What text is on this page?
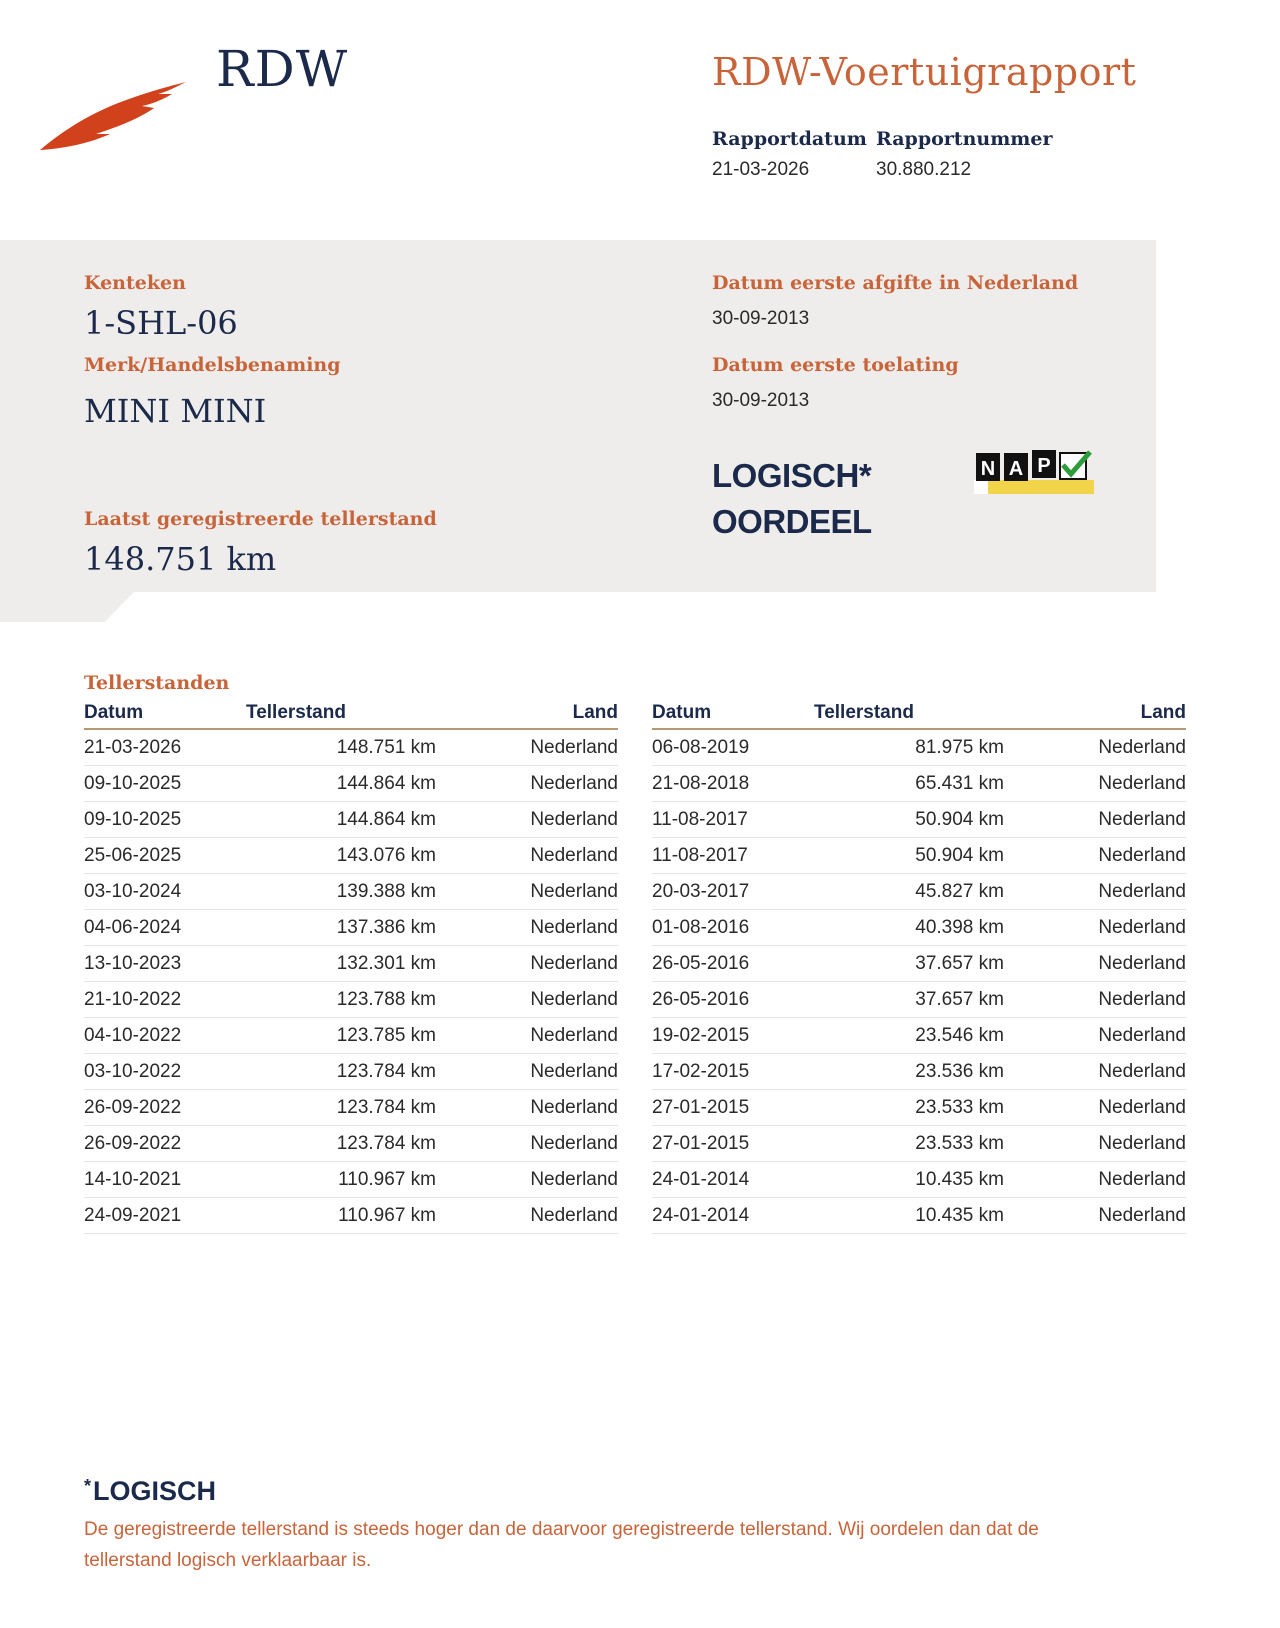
RDW	RDW-Voertuigrapport
Rapportdatum
21-03-2026
Rapportnummer
30.880.212
Kenteken
1-SHL-06
Merk/Handelsbenaming
MINI MINI
Laatst geregistreerde tellerstand
148.751 km
Datum eerste afgifte in Nederland
30-09-2013
Datum eerste toelating
30-09-2013
LOGISCH*
OORDEEL
N A P
Tellerstanden
Datum	Tellerstand	Land
21-03-2026	148.751 km	Nederland
09-10-2025	144.864 km	Nederland
09-10-2025	144.864 km	Nederland
25-06-2025	143.076 km	Nederland
03-10-2024	139.388 km	Nederland
04-06-2024	137.386 km	Nederland
13-10-2023	132.301 km	Nederland
21-10-2022	123.788 km	Nederland
04-10-2022	123.785 km	Nederland
03-10-2022	123.784 km	Nederland
26-09-2022	123.784 km	Nederland
26-09-2022	123.784 km	Nederland
14-10-2021	110.967 km	Nederland
24-09-2021	110.967 km	Nederland
Datum	Tellerstand	Land
06-08-2019	81.975 km	Nederland
21-08-2018	65.431 km	Nederland
11-08-2017	50.904 km	Nederland
11-08-2017	50.904 km	Nederland
20-03-2017	45.827 km	Nederland
01-08-2016	40.398 km	Nederland
26-05-2016	37.657 km	Nederland
26-05-2016	37.657 km	Nederland
19-02-2015	23.546 km	Nederland
17-02-2015	23.536 km	Nederland
27-01-2015	23.533 km	Nederland
27-01-2015	23.533 km	Nederland
24-01-2014	10.435 km	Nederland
24-01-2014	10.435 km	Nederland
*LOGISCH
De geregistreerde tellerstand is steeds hoger dan de daarvoor geregistreerde tellerstand. Wij oordelen dan dat de tellerstand logisch verklaarbaar is.
